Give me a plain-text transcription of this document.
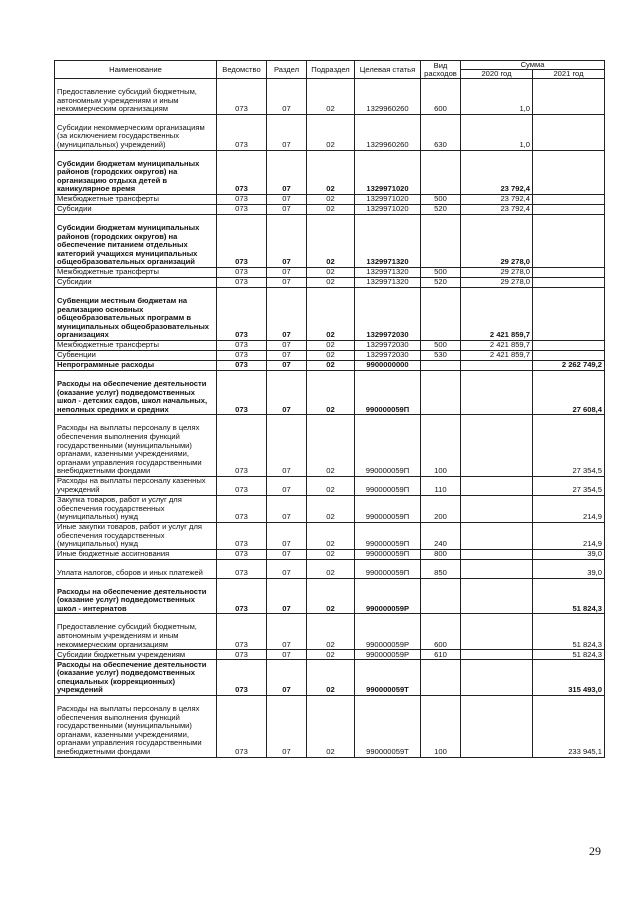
Наименование	Ведомство	Раздел	Подраздел	Целевая статья	Вид расходов	Сумма	
						2020 год	2021 год
Предоставление субсидий бюджетным, автономным учреждениям и иным некоммерческим организациям	073	07	02	1329960260	600	1,0	
Субсидии некоммерческим организациям (за исключением государственных (муниципальных) учреждений)	073	07	02	1329960260	630	1,0	
Субсидии бюджетам муниципальных районов (городских округов) на организацию отдыха детей в каникулярное время	073	07	02	1329971020		23 792,4	
Межбюджетные трансферты	073	07	02	1329971020	500	23 792,4	
Субсидии	073	07	02	1329971020	520	23 792,4	
Субсидии бюджетам муниципальных районов (городских округов) на обеспечение питанием отдельных категорий учащихся муниципальных общеобразовательных организаций	073	07	02	1329971320		29 278,0	
Межбюджетные трансферты	073	07	02	1329971320	500	29 278,0	
Субсидии	073	07	02	1329971320	520	29 278,0	
Субвенции местным бюджетам на реализацию основных общеобразовательных программ в муниципальных общеобразовательных организациях	073	07	02	1329972030		2 421 859,7	
Межбюджетные трансферты	073	07	02	1329972030	500	2 421 859,7	
Субвенции	073	07	02	1329972030	530	2 421 859,7	
Непрограммные расходы	073	07	02	9900000000			2 262 749,2
Расходы на обеспечение деятельности (оказание услуг) подведомственных школ - детских садов, школ начальных, неполных средних и средних	073	07	02	990000059П			27 608,4
Расходы на выплаты персоналу в целях обеспечения выполнения функций государственными (муниципальными) органами, казенными учреждениями, органами управления государственными внебюджетными фондами	073	07	02	990000059П	100		27 354,5
Расходы на выплаты персоналу казенных учреждений	073	07	02	990000059П	110		27 354,5
Закупка товаров, работ и услуг для обеспечения государственных (муниципальных) нужд	073	07	02	990000059П	200		214,9
Иные закупки товаров, работ и услуг для обеспечения государственных (муниципальных) нужд	073	07	02	990000059П	240		214,9
Иные бюджетные ассигнования	073	07	02	990000059П	800		39,0
Уплата налогов, сборов и иных платежей	073	07	02	990000059П	850		39,0
Расходы на обеспечение деятельности (оказание услуг) подведомственных школ - интернатов	073	07	02	990000059Р			51 824,3
Предоставление субсидий бюджетным, автономным учреждениям и иным некоммерческим организациям	073	07	02	990000059Р	600		51 824,3
Субсидии бюджетным учреждениям	073	07	02	990000059Р	610		51 824,3
Расходы на обеспечение деятельности (оказание услуг) подведомственных специальных (коррекционных) учреждений	073	07	02	990000059Т			315 493,0
Расходы на выплаты персоналу в целях обеспечения выполнения функций государственными (муниципальными) органами, казенными учреждениями, органами управления государственными внебюджетными фондами	073	07	02	990000059Т	100		233 945,1
29
